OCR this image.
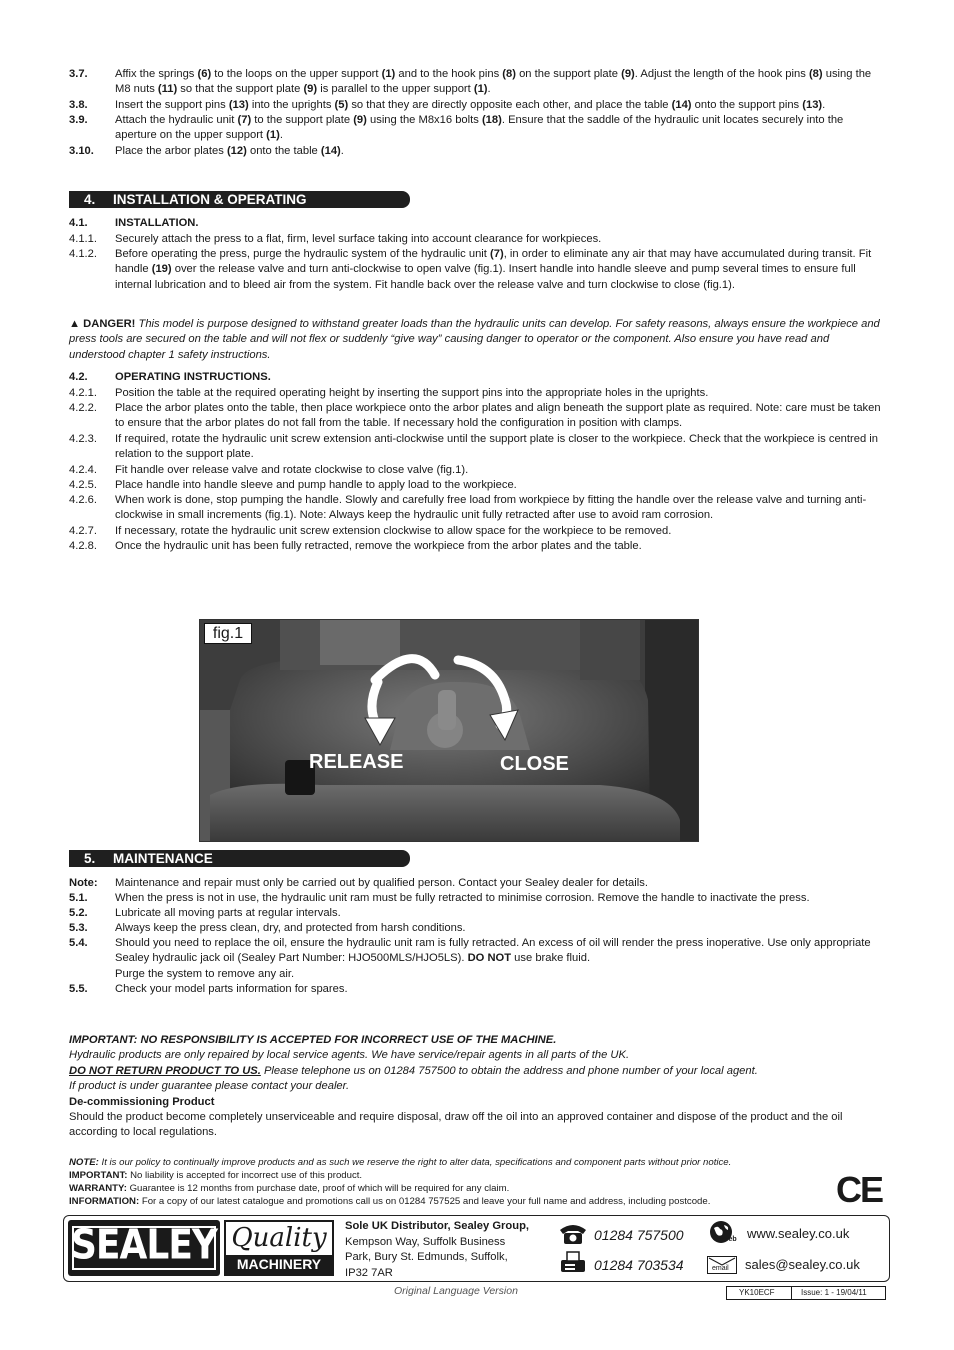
3.7. Affix the springs (6) to the loops on the upper support (1) and to the hook pins (8) on the support plate (9). Adjust the length of the hook pins (8) using the M8 nuts (11) so that the support plate (9) is parallel to the upper support (1).
3.8. Insert the support pins (13) into the uprights (5) so that they are directly opposite each other, and place the table (14) onto the support pins (13).
3.9. Attach the hydraulic unit (7) to the support plate (9) using the M8x16 bolts (18). Ensure that the saddle of the hydraulic unit locates securely into the aperture on the upper support (1).
3.10. Place the arbor plates (12) onto the table (14).
4. INSTALLATION & OPERATING
4.1. INSTALLATION.
4.1.1. Securely attach the press to a flat, firm, level surface taking into account clearance for workpieces.
4.1.2. Before operating the press, purge the hydraulic system of the hydraulic unit (7), in order to eliminate any air that may have accumulated during transit. Fit handle (19) over the release valve and turn anti-clockwise to open valve (fig.1). Insert handle into handle sleeve and pump several times to ensure full internal lubrication and to bleed air from the system. Fit handle back over the release valve and turn clockwise to close (fig.1).
▲ DANGER! This model is purpose designed to withstand greater loads than the hydraulic units can develop. For safety reasons, always ensure the workpiece and press tools are secured on the table and will not flex or suddenly “give way” causing danger to operator or the component. Also ensure you have read and understood chapter 1 safety instructions.
4.2. OPERATING INSTRUCTIONS.
4.2.1. Position the table at the required operating height by inserting the support pins into the appropriate holes in the uprights.
4.2.2. Place the arbor plates onto the table, then place workpiece onto the arbor plates and align beneath the support plate as required. Note: care must be taken to ensure that the arbor plates do not fall from the table. If necessary hold the configuration in position with clamps.
4.2.3. If required, rotate the hydraulic unit screw extension anti-clockwise until the support plate is closer to the workpiece. Check that the workpiece is centred in relation to the support plate.
4.2.4. Fit handle over release valve and rotate clockwise to close valve (fig.1).
4.2.5. Place handle into handle sleeve and pump handle to apply load to the workpiece.
4.2.6. When work is done, stop pumping the handle. Slowly and carefully free load from workpiece by fitting the handle over the release valve and turning anti-clockwise in small increments (fig.1). Note: Always keep the hydraulic unit fully retracted after use to avoid ram corrosion.
4.2.7. If necessary, rotate the hydraulic unit screw extension clockwise to allow space for the workpiece to be removed.
4.2.8. Once the hydraulic unit has been fully retracted, remove the workpiece from the arbor plates and the table.
fig.1
RELEASE	CLOSE
5. MAINTENANCE
Note: Maintenance and repair must only be carried out by qualified person. Contact your Sealey dealer for details.
5.1. When the press is not in use, the hydraulic unit ram must be fully retracted to minimise corrosion. Remove the handle to inactivate the press.
5.2. Lubricate all moving parts at regular intervals.
5.3. Always keep the press clean, dry, and protected from harsh conditions.
5.4. Should you need to replace the oil, ensure the hydraulic unit ram is fully retracted. An excess of oil will render the press inoperative. Use only appropriate Sealey hydraulic jack oil (Sealey Part Number: HJO500MLS/HJO5LS). DO NOT use brake fluid.
Purge the system to remove any air.
5.5. Check your model parts information for spares.
IMPORTANT: NO RESPONSIBILITY IS ACCEPTED FOR INCORRECT USE OF THE MACHINE.
Hydraulic products are only repaired by local service agents. We have service/repair agents in all parts of the UK.
DO NOT RETURN PRODUCT TO US. Please telephone us on 01284 757500 to obtain the address and phone number of your local agent.
If product is under guarantee please contact your dealer.
De-commissioning Product
Should the product become completely unserviceable and require disposal, draw off the oil into an approved container and dispose of the product and the oil according to local regulations.
NOTE: It is our policy to continually improve products and as such we reserve the right to alter data, specifications and component parts without prior notice.
IMPORTANT: No liability is accepted for incorrect use of this product.
WARRANTY: Guarantee is 12 months from purchase date, proof of which will be required for any claim.
INFORMATION: For a copy of our latest catalogue and promotions call us on 01284 757525 and leave your full name and address, including postcode.	CE
SEALEY Quality
MACHINERY
Sole UK Distributor, Sealey Group,
Kempson Way, Suffolk Business
Park, Bury St. Edmunds, Suffolk,
IP32 7AR
01284 757500
01284 703534
Web www.sealey.co.uk
email sales@sealey.co.uk
Original Language Version	YK10ECF	Issue: 1 - 19/04/11
